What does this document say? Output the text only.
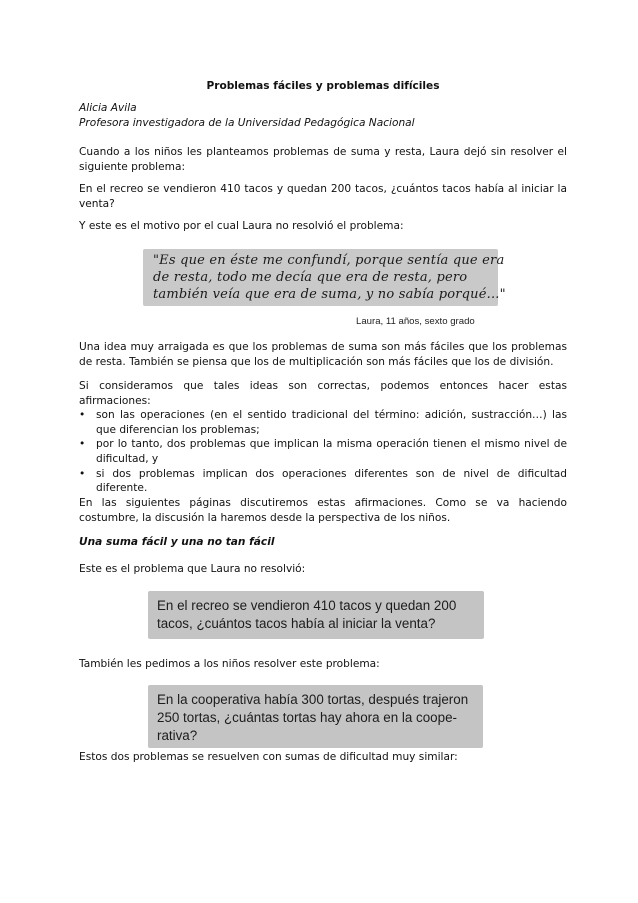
Problemas fáciles y problemas difíciles

Alicia Avila

Profesora investigadora de la Universidad Pedagógica Nacional

Cuando a los niños les planteamos problemas de suma y resta, Laura dejó sin resolver el siguiente problema:

En el recreo se vendieron 410 tacos y quedan 200 tacos, ¿cuántos tacos había al iniciar la venta?

Y este es el motivo por el cual Laura no resolvió el problema:

"Es que en éste me confundí, porque sentía que era
de resta, todo me decía que era de resta, pero
también veía que era de suma, y no sabía porqué..."
Laura, 11 años, sexto grado

Una idea muy arraigada es que los problemas de suma son más fáciles que los problemas de resta. También se piensa que los de multiplicación son más fáciles que los de división.

Si consideramos que tales ideas son correctas, podemos entonces hacer estas afirmaciones:

• son las operaciones (en el sentido tradicional del término: adición, sustracción…) las que diferencian los problemas;
• por lo tanto, dos problemas que implican la misma operación tienen el mismo nivel de dificultad, y
• si dos problemas implican dos operaciones diferentes son de nivel de dificultad diferente.

En las siguientes páginas discutiremos estas afirmaciones. Como se va haciendo costumbre, la discusión la haremos desde la perspectiva de los niños.

Una suma fácil y una no tan fácil

Este es el problema que Laura no resolvió:

En el recreo se vendieron 410 tacos y quedan 200
tacos, ¿cuántos tacos había al iniciar la venta?

También les pedimos a los niños resolver este problema:

En la cooperativa había 300 tortas, después trajeron
250 tortas, ¿cuántas tortas hay ahora en la coope-
rativa?

Estos dos problemas se resuelven con sumas de dificultad muy similar:
